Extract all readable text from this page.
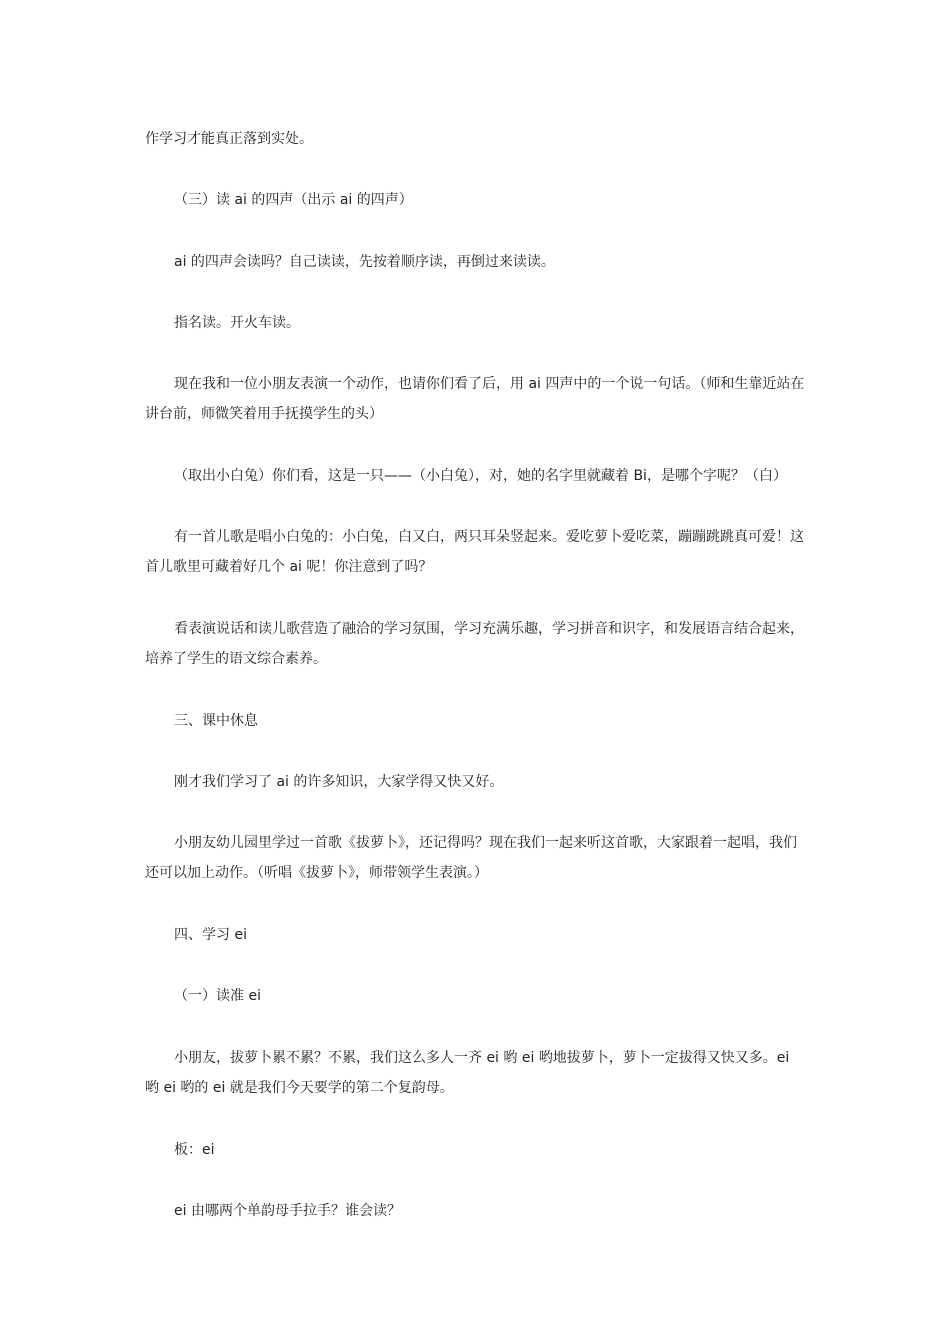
作学习才能真正落到实处。

（三）读 ai 的四声（出示 ai 的四声）

ai 的四声会读吗？自己读读，先按着顺序读，再倒过来读读。

指名读。开火车读。

现在我和一位小朋友表演一个动作，也请你们看了后，用 ai 四声中的一个说一句话。（师和生靠近站在讲台前，师微笑着用手抚摸学生的头）

（取出小白兔）你们看，这是一只——（小白兔），对，她的名字里就藏着 Bi，是哪个字呢？（白）

有一首儿歌是唱小白兔的：小白兔，白又白，两只耳朵竖起来。爱吃萝卜爱吃菜，蹦蹦跳跳真可爱！这首儿歌里可藏着好几个 ai 呢！你注意到了吗？

看表演说话和读儿歌营造了融洽的学习氛围，学习充满乐趣，学习拼音和识字，和发展语言结合起来，培养了学生的语文综合素养。

三、课中休息

刚才我们学习了 ai 的许多知识，大家学得又快又好。

小朋友幼儿园里学过一首歌《拔萝卜》，还记得吗？现在我们一起来听这首歌，大家跟着一起唱，我们还可以加上动作。（听唱《拔萝卜》，师带领学生表演。）

四、学习 ei

（一）读准 ei

小朋友，拔萝卜累不累？不累，我们这么多人一齐 ei 哟 ei 哟地拔萝卜，萝卜一定拔得又快又多。ei 哟 ei 哟的 ei 就是我们今天要学的第二个复韵母。

板：ei

ei 由哪两个单韵母手拉手？谁会读？
